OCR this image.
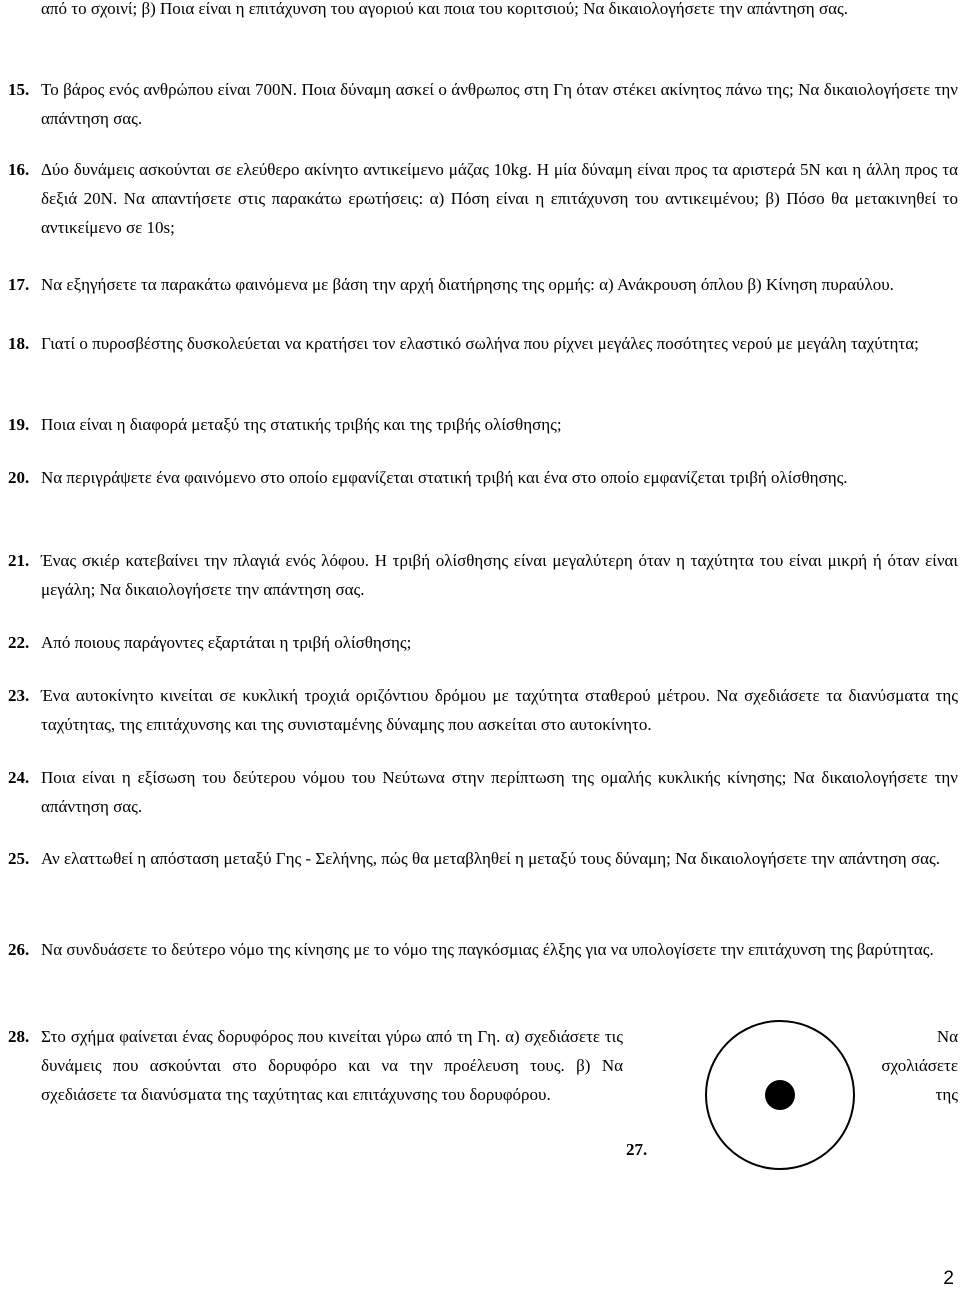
από το σχοινί; β) Ποια είναι η επιτάχυνση του αγοριού και ποια του κοριτσιού; Να δικαιολογήσετε την απάντηση σας.
15. Το βάρος ενός ανθρώπου είναι 700N. Ποια δύναμη ασκεί ο άνθρωπος στη Γη όταν στέκει ακίνητος πάνω της; Να δικαιολογήσετε την απάντηση σας.
16. Δύο δυνάμεις ασκούνται σε ελεύθερο ακίνητο αντικείμενο μάζας 10kg. Η μία δύναμη είναι προς τα αριστερά 5N και η άλλη προς τα δεξιά 20N. Να απαντήσετε στις παρακάτω ερωτήσεις: α) Πόση είναι η επιτάχυνση του αντικειμένου; β) Πόσο θα μετακινηθεί το αντικείμενο σε 10s;
17. Να εξηγήσετε τα παρακάτω φαινόμενα με βάση την αρχή διατήρησης της ορμής: α) Ανάκρουση όπλου β) Κίνηση πυραύλου.
18. Γιατί ο πυροσβέστης δυσκολεύεται να κρατήσει τον ελαστικό σωλήνα που ρίχνει μεγάλες ποσότητες νερού με μεγάλη ταχύτητα;
19. Ποια είναι η διαφορά μεταξύ της στατικής τριβής και της τριβής ολίσθησης;
20. Να περιγράψετε ένα φαινόμενο στο οποίο εμφανίζεται στατική τριβή και ένα στο οποίο εμφανίζεται τριβή ολίσθησης.
21. Ένας σκιέρ κατεβαίνει την πλαγιά ενός λόφου. Η τριβή ολίσθησης είναι μεγαλύτερη όταν η ταχύτητα του είναι μικρή ή όταν είναι μεγάλη; Να δικαιολογήσετε την απάντηση σας.
22. Από ποιους παράγοντες εξαρτάται η τριβή ολίσθησης;
23. Ένα αυτοκίνητο κινείται σε κυκλική τροχιά οριζόντιου δρόμου με ταχύτητα σταθερού μέτρου. Να σχεδιάσετε τα διανύσματα της ταχύτητας, της επιτάχυνσης και της συνισταμένης δύναμης που ασκείται στο αυτοκίνητο.
24. Ποια είναι η εξίσωση του δεύτερου νόμου του Νεύτωνα στην περίπτωση της ομαλής κυκλικής κίνησης; Να δικαιολογήσετε την απάντηση σας.
25. Αν ελαττωθεί η απόσταση μεταξύ Γης - Σελήνης, πώς θα μεταβληθεί η μεταξύ τους δύναμη; Να δικαιολογήσετε την απάντηση σας.
26. Να συνδυάσετε το δεύτερο νόμο της κίνησης με το νόμο της παγκόσμιας έλξης για να υπολογίσετε την επιτάχυνση της βαρύτητας.
28. Στο σχήμα φαίνεται ένας δορυφόρος που κινείται γύρω από τη Γη. α) σχεδιάσετε τις δυνάμεις που ασκούνται στο δορυφόρο και να την προέλευση τους. β) Να σχεδιάσετε τα διανύσματα της ταχύτητας και επιτάχυνσης του δορυφόρου.
Να
σχολιάσετε
της
27.
2
